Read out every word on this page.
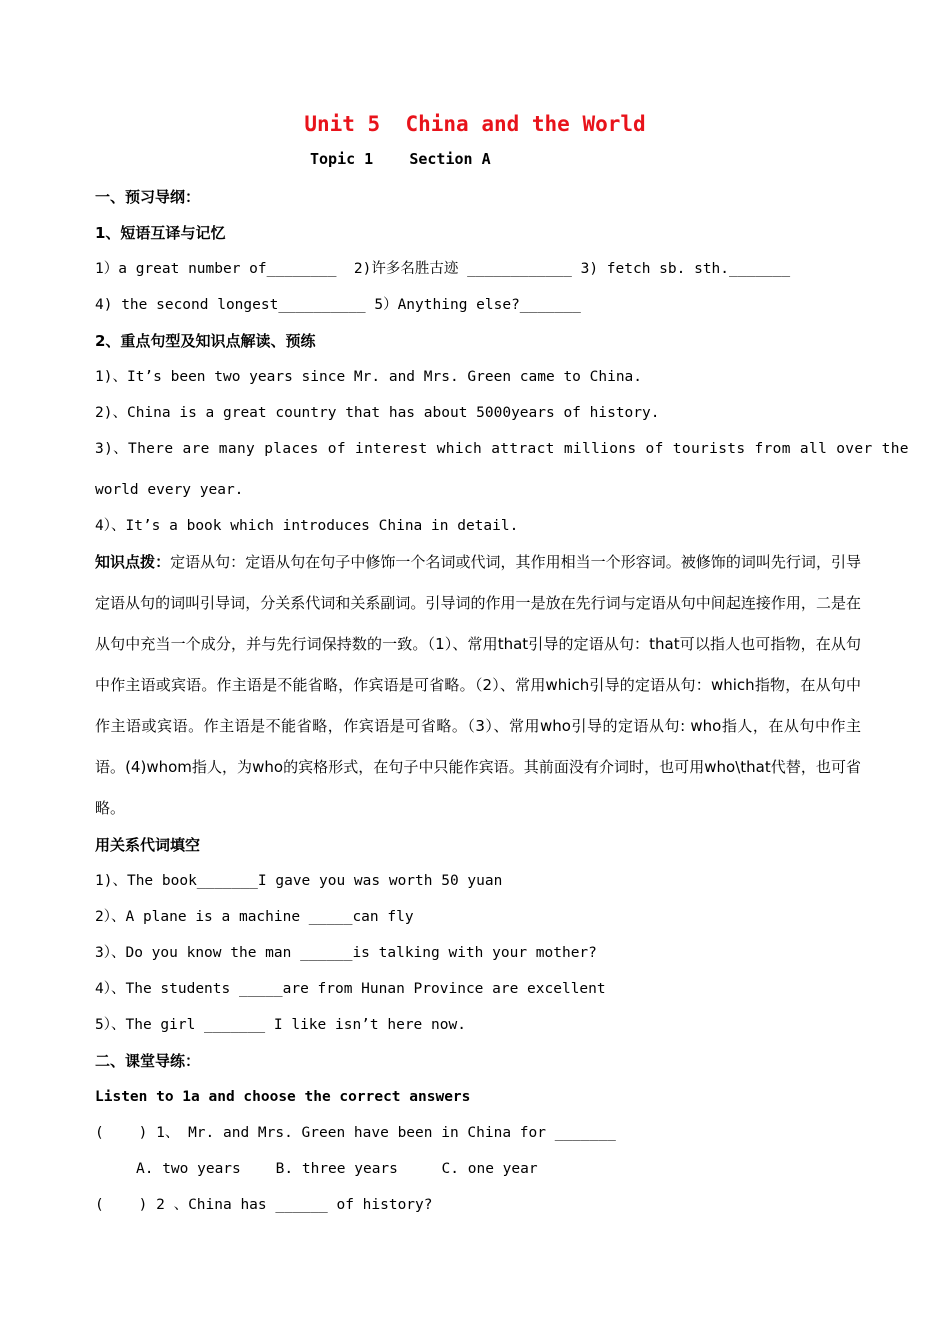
Unit 5  China and the World
Topic 1    Section A
一、预习导纲：
1、短语互译与记忆
1）a great number of________  2)许多名胜古迹 ____________ 3) fetch sb. sth._______
4) the second longest__________ 5）Anything else?_______
2、重点句型及知识点解读、预练
1)、It’s been two years since Mr. and Mrs. Green came to China.
2)、China is a great country that has about 5000years of history.
3)、There are many places of interest which attract millions of tourists from all over the
world every year.
4）、It’s a book which introduces China in detail.
知识点拨：定语从句：定语从句在句子中修饰一个名词或代词，其作用相当一个形容词。被修饰的词叫先行词，引导定语从句的词叫引导词，分关系代词和关系副词。引导词的作用一是放在先行词与定语从句中间起连接作用，二是在从句中充当一个成分，并与先行词保持数的一致。（1）、常用that引导的定语从句：that可以指人也可指物，在从句中作主语或宾语。作主语是不能省略，作宾语是可省略。（2）、常用which引导的定语从句：which指物，在从句中作主语或宾语。作主语是不能省略，作宾语是可省略。（3）、常用who引导的定语从句: who指人，在从句中作主语。(4)whom指人，为who的宾格形式，在句子中只能作宾语。其前面没有介词时，也可用who\that代替，也可省略。
用关系代词填空
1)、The book_______I gave you was worth 50 yuan
2）、A plane is a machine _____can fly
3）、Do you know the man ______is talking with your mother?
4）、The students _____are from Hunan Province are excellent
5）、The girl _______ I like isn’t here now.
二、课堂导练：
Listen to 1a and choose the correct answers
(    ) 1、 Mr. and Mrs. Green have been in China for _______
A. two years    B. three years     C. one year
(    ) 2 、China has ______ of history?
